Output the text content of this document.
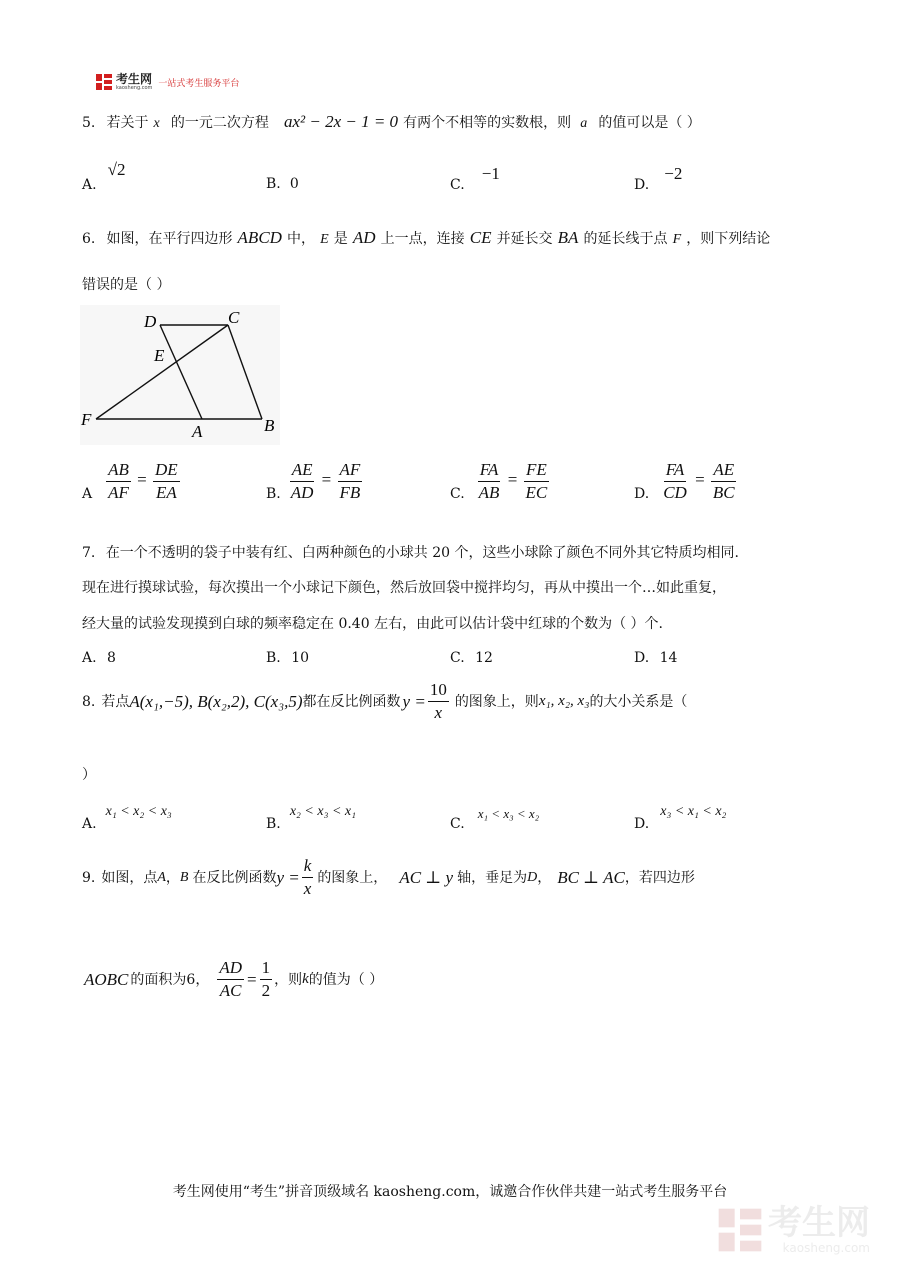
考生网
kaosheng.com 一站式考生服务平台
5. 若关于 x 的一元二次方程 ax² − 2x − 1 = 0 有两个不相等的实数根，则 a 的值可以是（ ）
A. √2
B. 0	C. −1
D. −2
6. 如图，在平行四边形 ABCD 中， E 是 AD 上一点，连接 CE 并延长交 BA 的延长线于点 F ，则下列结论
错误的是（ ）
D	C
E
F
A	B
A $\frac{AB}{AF} = \frac{DE}{EA}$	B. $\frac{AE}{AD} = \frac{AF}{FB}$	C. $\frac{FA}{AB} = \frac{FE}{EC}$	D. $\frac{FA}{CD} = \frac{AE}{BC}$
7. 在一个不透明的袋子中装有红、白两种颜色的小球共 20 个，这些小球除了颜色不同外其它特质均相同.
现在进行摸球试验，每次摸出一个小球记下颜色，然后放回袋中搅拌均匀，再从中摸出一个…如此重复，
经大量的试验发现摸到白球的频率稳定在 0.40 左右，由此可以估计袋中红球的个数为（ ）个.
A. 8	B. 10	C. 12	D. 14
8. 若点 A(x₁,−5), B(x₂,2), C(x₃,5) 都在反比例函数 $y = \frac{10}{x}$ 的图象上，则 x₁, x₂, x₃ 的大小关系是（
）
A. x₁ < x₂ < x₃
B. x₂ < x₃ < x₁
C. x₁ < x₃ < x₂
D. x₃ < x₁ < x₂
9. 如图，点 A ， B 在反比例函数 $y = \frac{k}{x}$ 的图象上， AC ⊥ y 轴，垂足为 D ， BC ⊥ AC ，若四边形
AOBC 的面积为 6 ， $\frac{AD}{AC} = \frac{1}{2}$ ，则 k 的值为（ ）
考生网使用“考生”拼音顶级域名 kaosheng.com，诚邀合作伙伴共建一站式考生服务平台
考生网
kaosheng.com
